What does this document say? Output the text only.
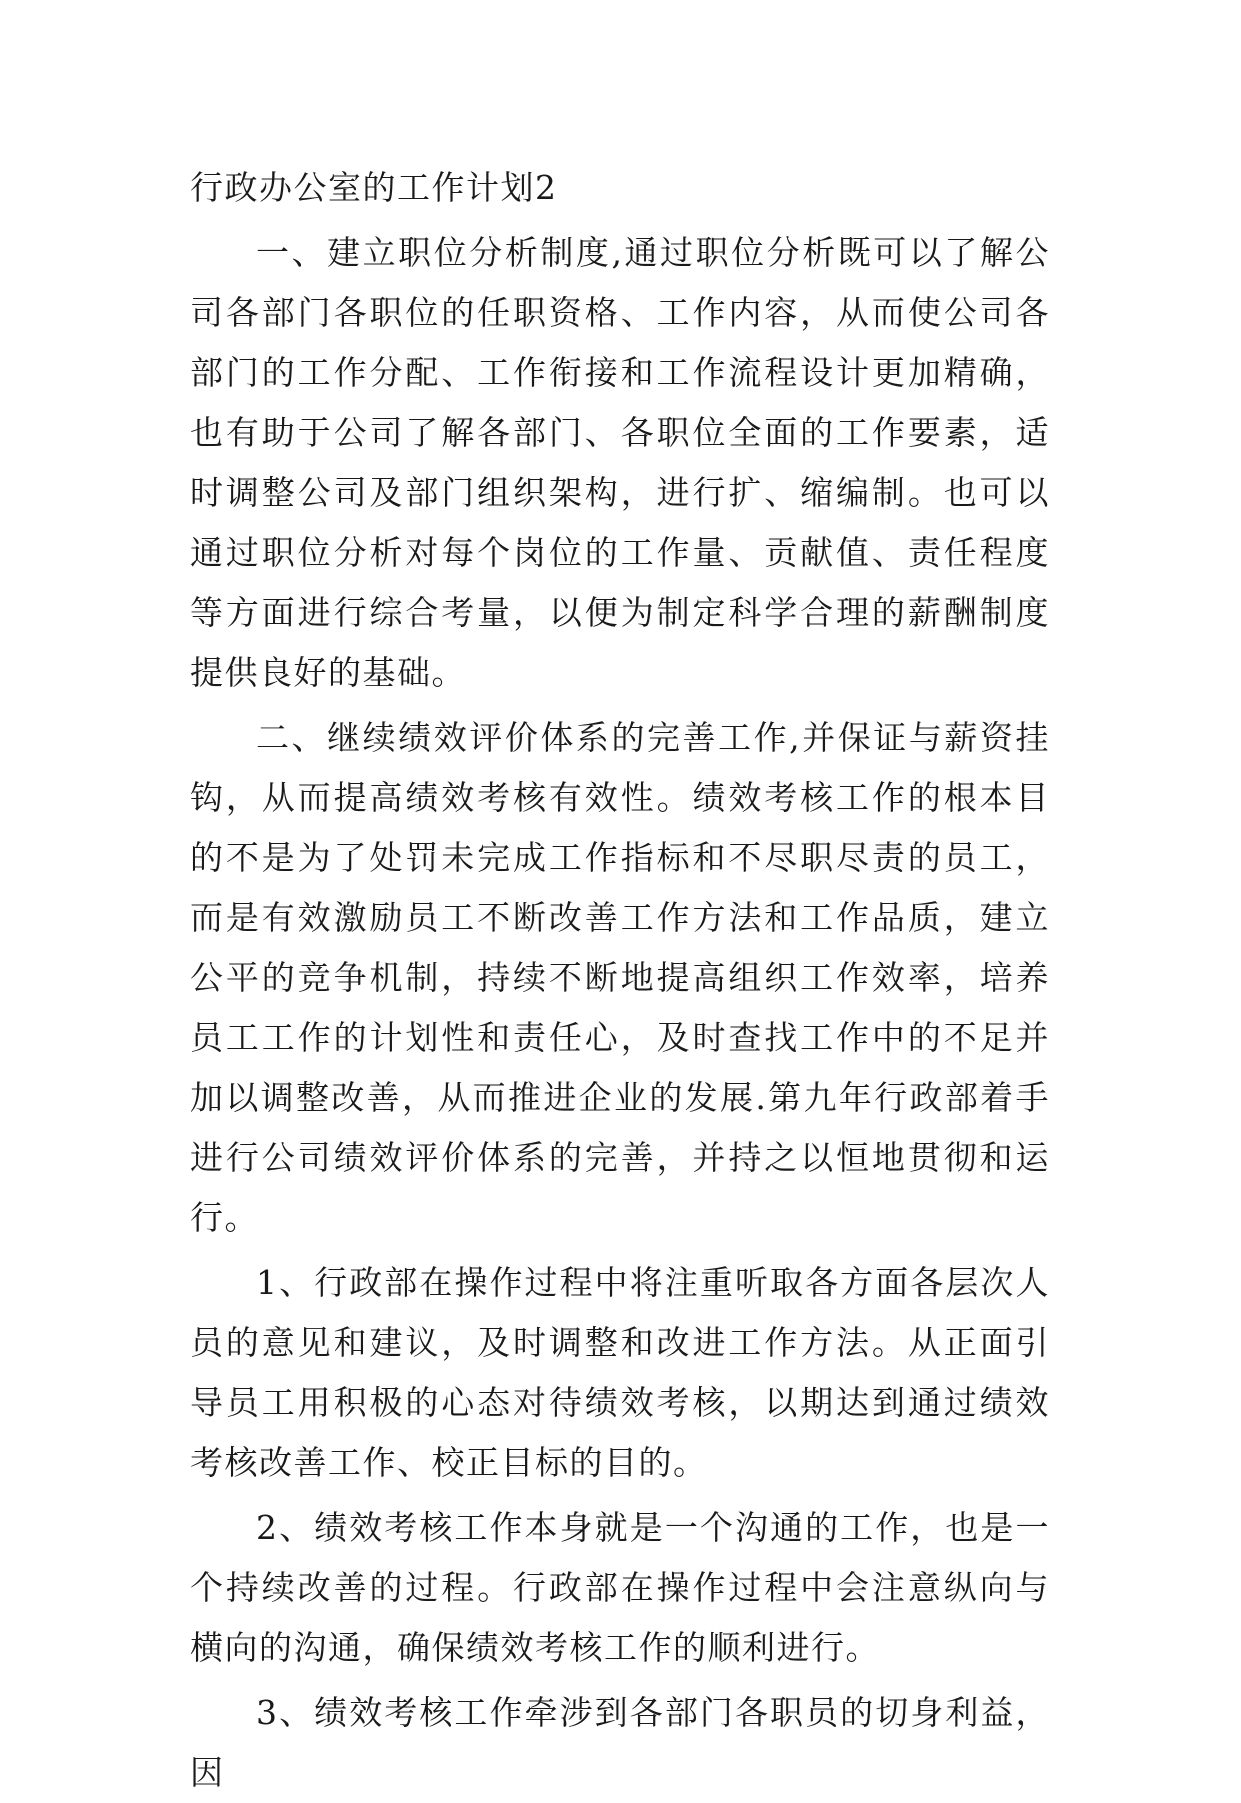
行政办公室的工作计划2

一、建立职位分析制度,通过职位分析既可以了解公司各部门各职位的任职资格、工作内容，从而使公司各部门的工作分配、工作衔接和工作流程设计更加精确，也有助于公司了解各部门、各职位全面的工作要素，适时调整公司及部门组织架构，进行扩、缩编制。也可以通过职位分析对每个岗位的工作量、贡献值、责任程度等方面进行综合考量，以便为制定科学合理的薪酬制度提供良好的基础。

二、继续绩效评价体系的完善工作,并保证与薪资挂钩，从而提高绩效考核有效性。绩效考核工作的根本目的不是为了处罚未完成工作指标和不尽职尽责的员工，而是有效激励员工不断改善工作方法和工作品质，建立公平的竞争机制，持续不断地提高组织工作效率，培养员工工作的计划性和责任心，及时查找工作中的不足并加以调整改善，从而推进企业的发展.第九年行政部着手进行公司绩效评价体系的完善，并持之以恒地贯彻和运行。

1、行政部在操作过程中将注重听取各方面各层次人员的意见和建议，及时调整和改进工作方法。从正面引导员工用积极的心态对待绩效考核，以期达到通过绩效考核改善工作、校正目标的目的。

2、绩效考核工作本身就是一个沟通的工作，也是一个持续改善的过程。行政部在操作过程中会注意纵向与横向的沟通，确保绩效考核工作的顺利进行。

3、绩效考核工作牵涉到各部门各职员的切身利益，因
